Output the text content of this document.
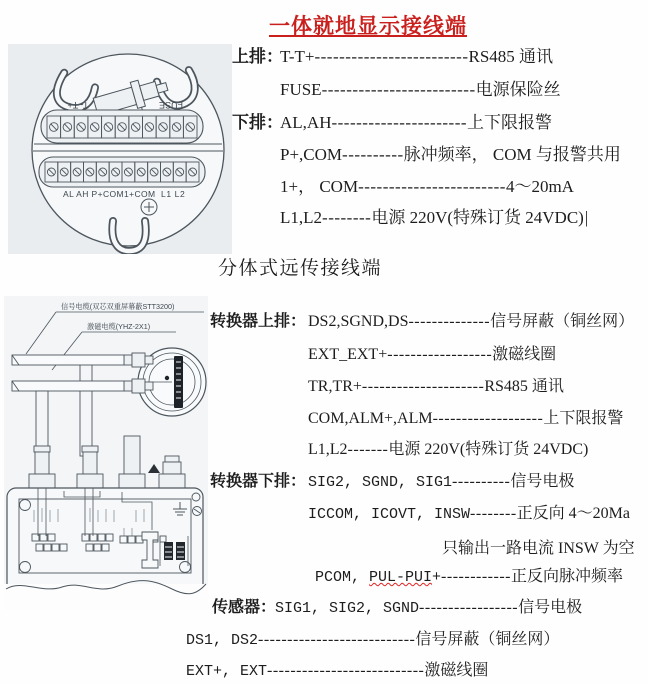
一体就地显示接线端
T- T+	FUSE
AL AH P+COM1+COM L1 L2
上排：T-T+-------------------------RS485 通讯
FUSE-------------------------电源保险丝
下排：AL,AH----------------------上下限报警
P+,COM----------脉冲频率， COM 与报警共用
1+， COM------------------------4～20mA
L1,L2--------电源 220V(特殊订货 24VDC)|
分体式远传接线端
信号电缆(双芯双重屏幕蔽STT3200)
激磁电缆(YHZ-2X1)	转换器上排： DS2,SGND,DS--------------信号屏蔽（铜丝网）
EXT_EXT+------------------激磁线圈
TR,TR+---------------------RS485 通讯
COM,ALM+,ALM-------------------上下限报警
L1,L2-------电源 220V(特殊订货 24VDC)
转换器下排： SIG2, SGND, SIG1----------信号电极
ICCOM, ICOVT, INSW--------正反向 4～20Ma
只输出一路电流 INSW 为空
PCOM, PUL-PUI+------------正反向脉冲频率
传感器：SIG1, SIG2, SGND-----------------信号电极
DS1, DS2---------------------------信号屏蔽（铜丝网）
EXT+, EXT---------------------------激磁线圈
